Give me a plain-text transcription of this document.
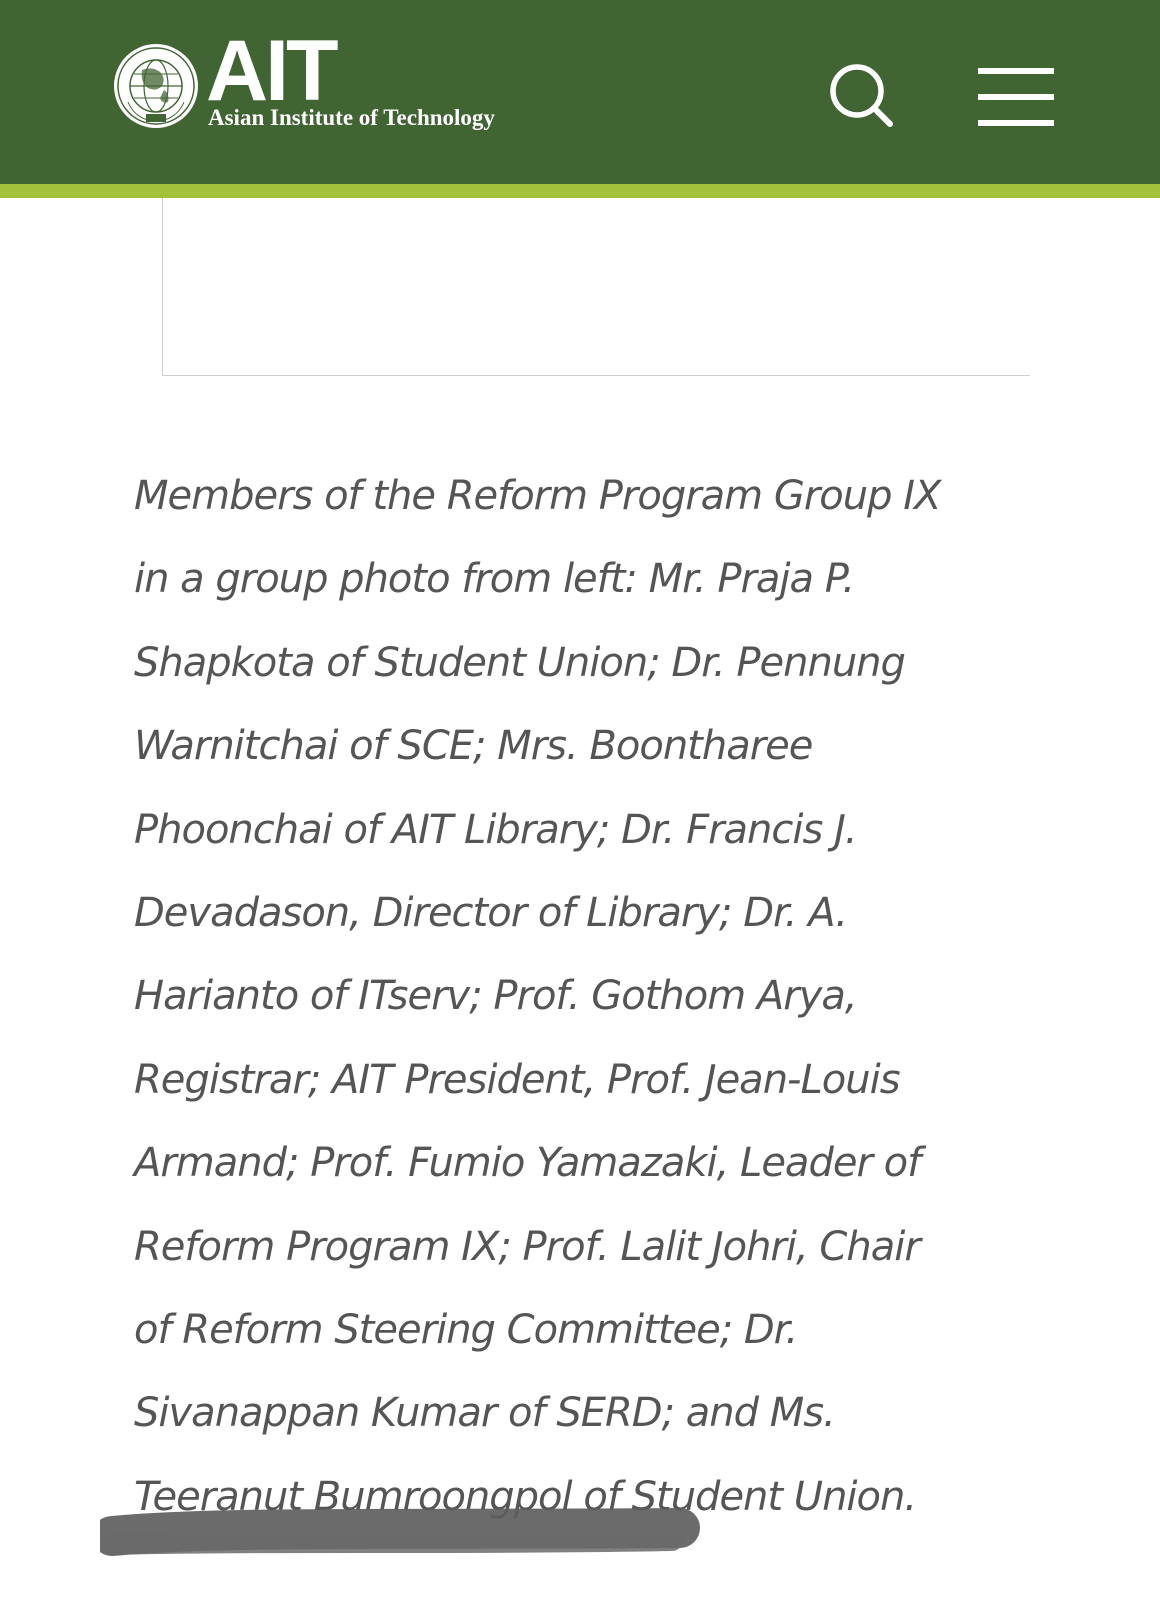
AIT
Asian Institute of Technology

Members of the Reform Program Group IX
in a group photo from left: Mr. Praja P.
Shapkota of Student Union; Dr. Pennung
Warnitchai of SCE; Mrs. Boontharee
Phoonchai of AIT Library; Dr. Francis J.
Devadason, Director of Library; Dr. A.
Harianto of ITserv; Prof. Gothom Arya,
Registrar; AIT President, Prof. Jean-Louis
Armand; Prof. Fumio Yamazaki, Leader of
Reform Program IX; Prof. Lalit Johri, Chair
of Reform Steering Committee; Dr.
Sivanappan Kumar of SERD; and Ms.
Teeranut Bumroongpol of Student Union.
